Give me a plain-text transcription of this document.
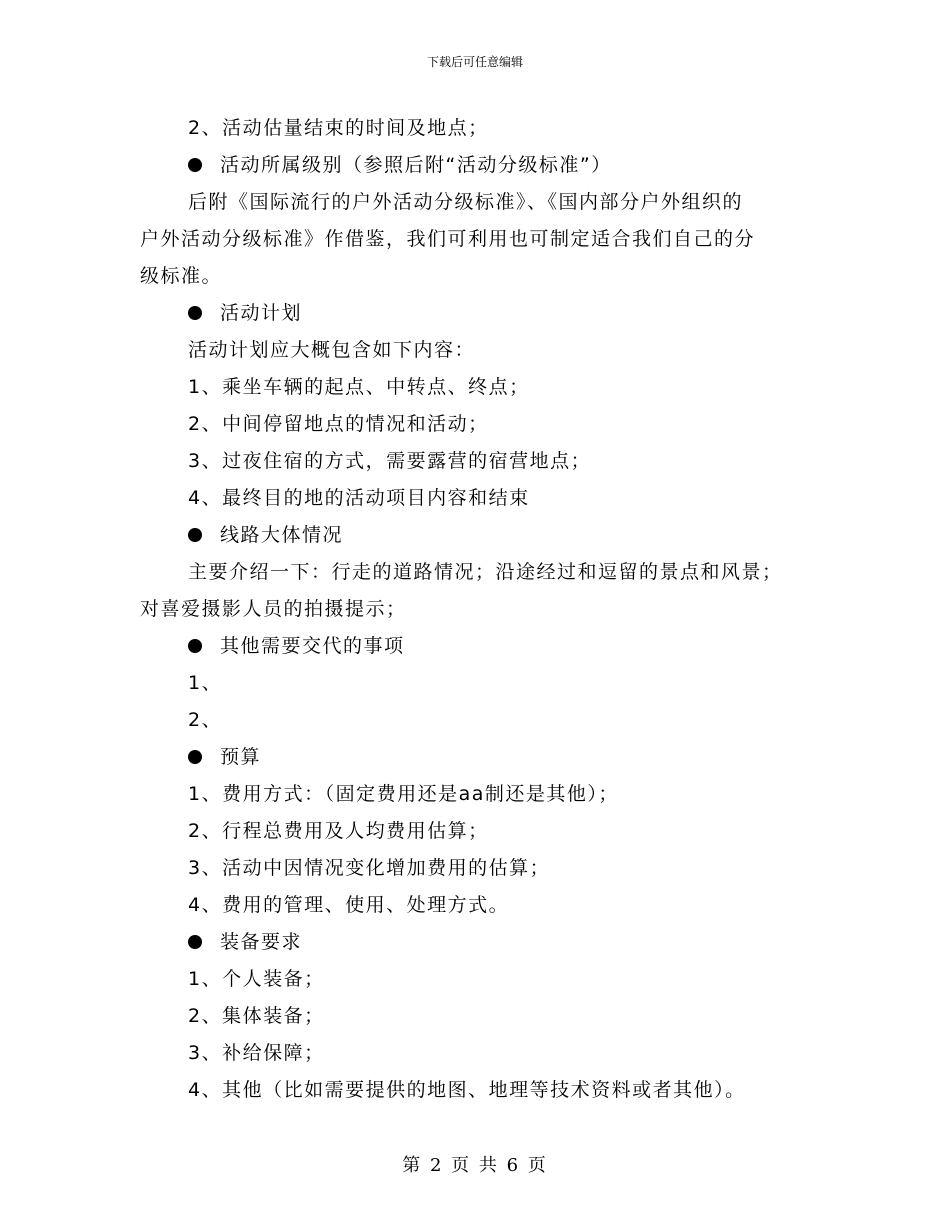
下载后可任意编辑
2、活动估量结束的时间及地点；
活动所属级别（参照后附“活动分级标准”）
后附《国际流行的户外活动分级标准》、《国内部分户外组织的
户外活动分级标准》作借鉴，我们可利用也可制定适合我们自己的分
级标准。
活动计划
活动计划应大概包含如下内容：
1、乘坐车辆的起点、中转点、终点；
2、中间停留地点的情况和活动；
3、过夜住宿的方式，需要露营的宿营地点；
4、最终目的地的活动项目内容和结束
线路大体情况
主要介绍一下：行走的道路情况；沿途经过和逗留的景点和风景；
对喜爱摄影人员的拍摄提示；
其他需要交代的事项
1、
2、
预算
1、费用方式：（固定费用还是aa制还是其他）；
2、行程总费用及人均费用估算；
3、活动中因情况变化增加费用的估算；
4、费用的管理、使用、处理方式。
装备要求
1、个人装备；
2、集体装备；
3、补给保障；
4、其他（比如需要提供的地图、地理等技术资料或者其他）。
第 2 页 共 6 页
